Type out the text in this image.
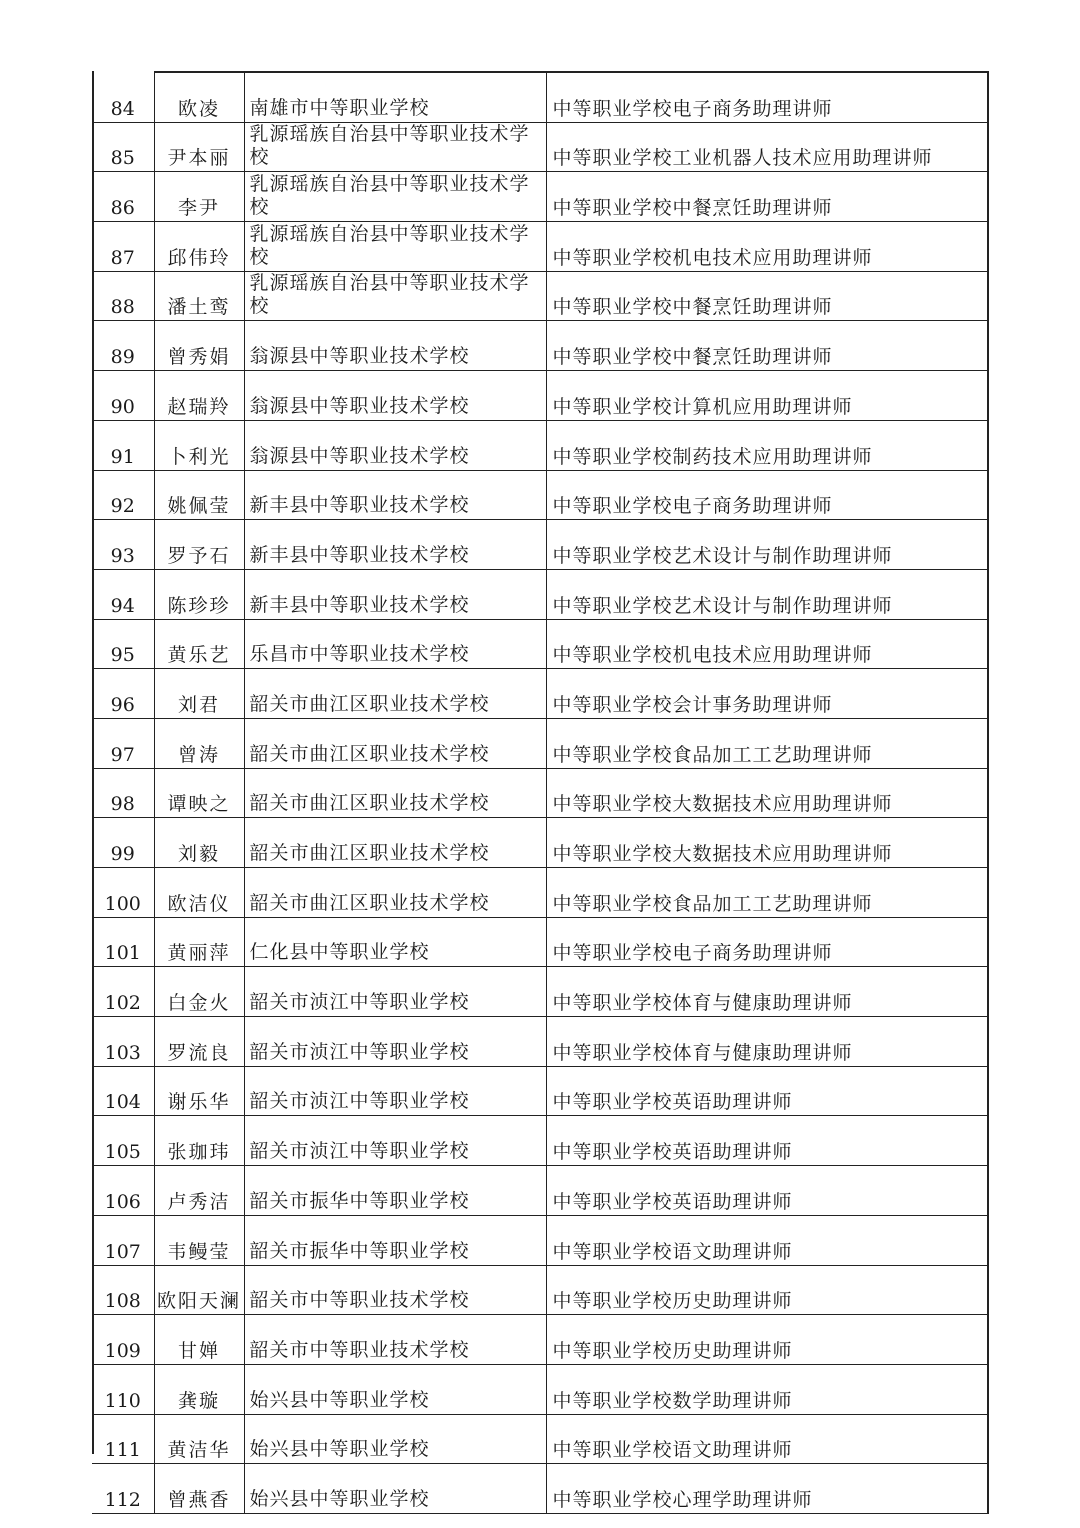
84	欧凌	南雄市中等职业学校	中等职业学校电子商务助理讲师
85	尹本丽	乳源瑶族自治县中等职业技术学校	中等职业学校工业机器人技术应用助理讲师
86	李尹	乳源瑶族自治县中等职业技术学校	中等职业学校中餐烹饪助理讲师
87	邱伟玲	乳源瑶族自治县中等职业技术学校	中等职业学校机电技术应用助理讲师
88	潘土鸾	乳源瑶族自治县中等职业技术学校	中等职业学校中餐烹饪助理讲师
89	曾秀娟	翁源县中等职业技术学校	中等职业学校中餐烹饪助理讲师
90	赵瑞羚	翁源县中等职业技术学校	中等职业学校计算机应用助理讲师
91	卜利光	翁源县中等职业技术学校	中等职业学校制药技术应用助理讲师
92	姚佩莹	新丰县中等职业技术学校	中等职业学校电子商务助理讲师
93	罗予石	新丰县中等职业技术学校	中等职业学校艺术设计与制作助理讲师
94	陈珍珍	新丰县中等职业技术学校	中等职业学校艺术设计与制作助理讲师
95	黄乐艺	乐昌市中等职业技术学校	中等职业学校机电技术应用助理讲师
96	刘君	韶关市曲江区职业技术学校	中等职业学校会计事务助理讲师
97	曾涛	韶关市曲江区职业技术学校	中等职业学校食品加工工艺助理讲师
98	谭映之	韶关市曲江区职业技术学校	中等职业学校大数据技术应用助理讲师
99	刘毅	韶关市曲江区职业技术学校	中等职业学校大数据技术应用助理讲师
100	欧洁仪	韶关市曲江区职业技术学校	中等职业学校食品加工工艺助理讲师
101	黄丽萍	仁化县中等职业学校	中等职业学校电子商务助理讲师
102	白金火	韶关市浈江中等职业学校	中等职业学校体育与健康助理讲师
103	罗流良	韶关市浈江中等职业学校	中等职业学校体育与健康助理讲师
104	谢乐华	韶关市浈江中等职业学校	中等职业学校英语助理讲师
105	张珈玮	韶关市浈江中等职业学校	中等职业学校英语助理讲师
106	卢秀洁	韶关市振华中等职业学校	中等职业学校英语助理讲师
107	韦鳗莹	韶关市振华中等职业学校	中等职业学校语文助理讲师
108	欧阳天澜	韶关市中等职业技术学校	中等职业学校历史助理讲师
109	甘婵	韶关市中等职业技术学校	中等职业学校历史助理讲师
110	龚璇	始兴县中等职业学校	中等职业学校数学助理讲师
111	黄洁华	始兴县中等职业学校	中等职业学校语文助理讲师
112	曾燕香	始兴县中等职业学校	中等职业学校心理学助理讲师
